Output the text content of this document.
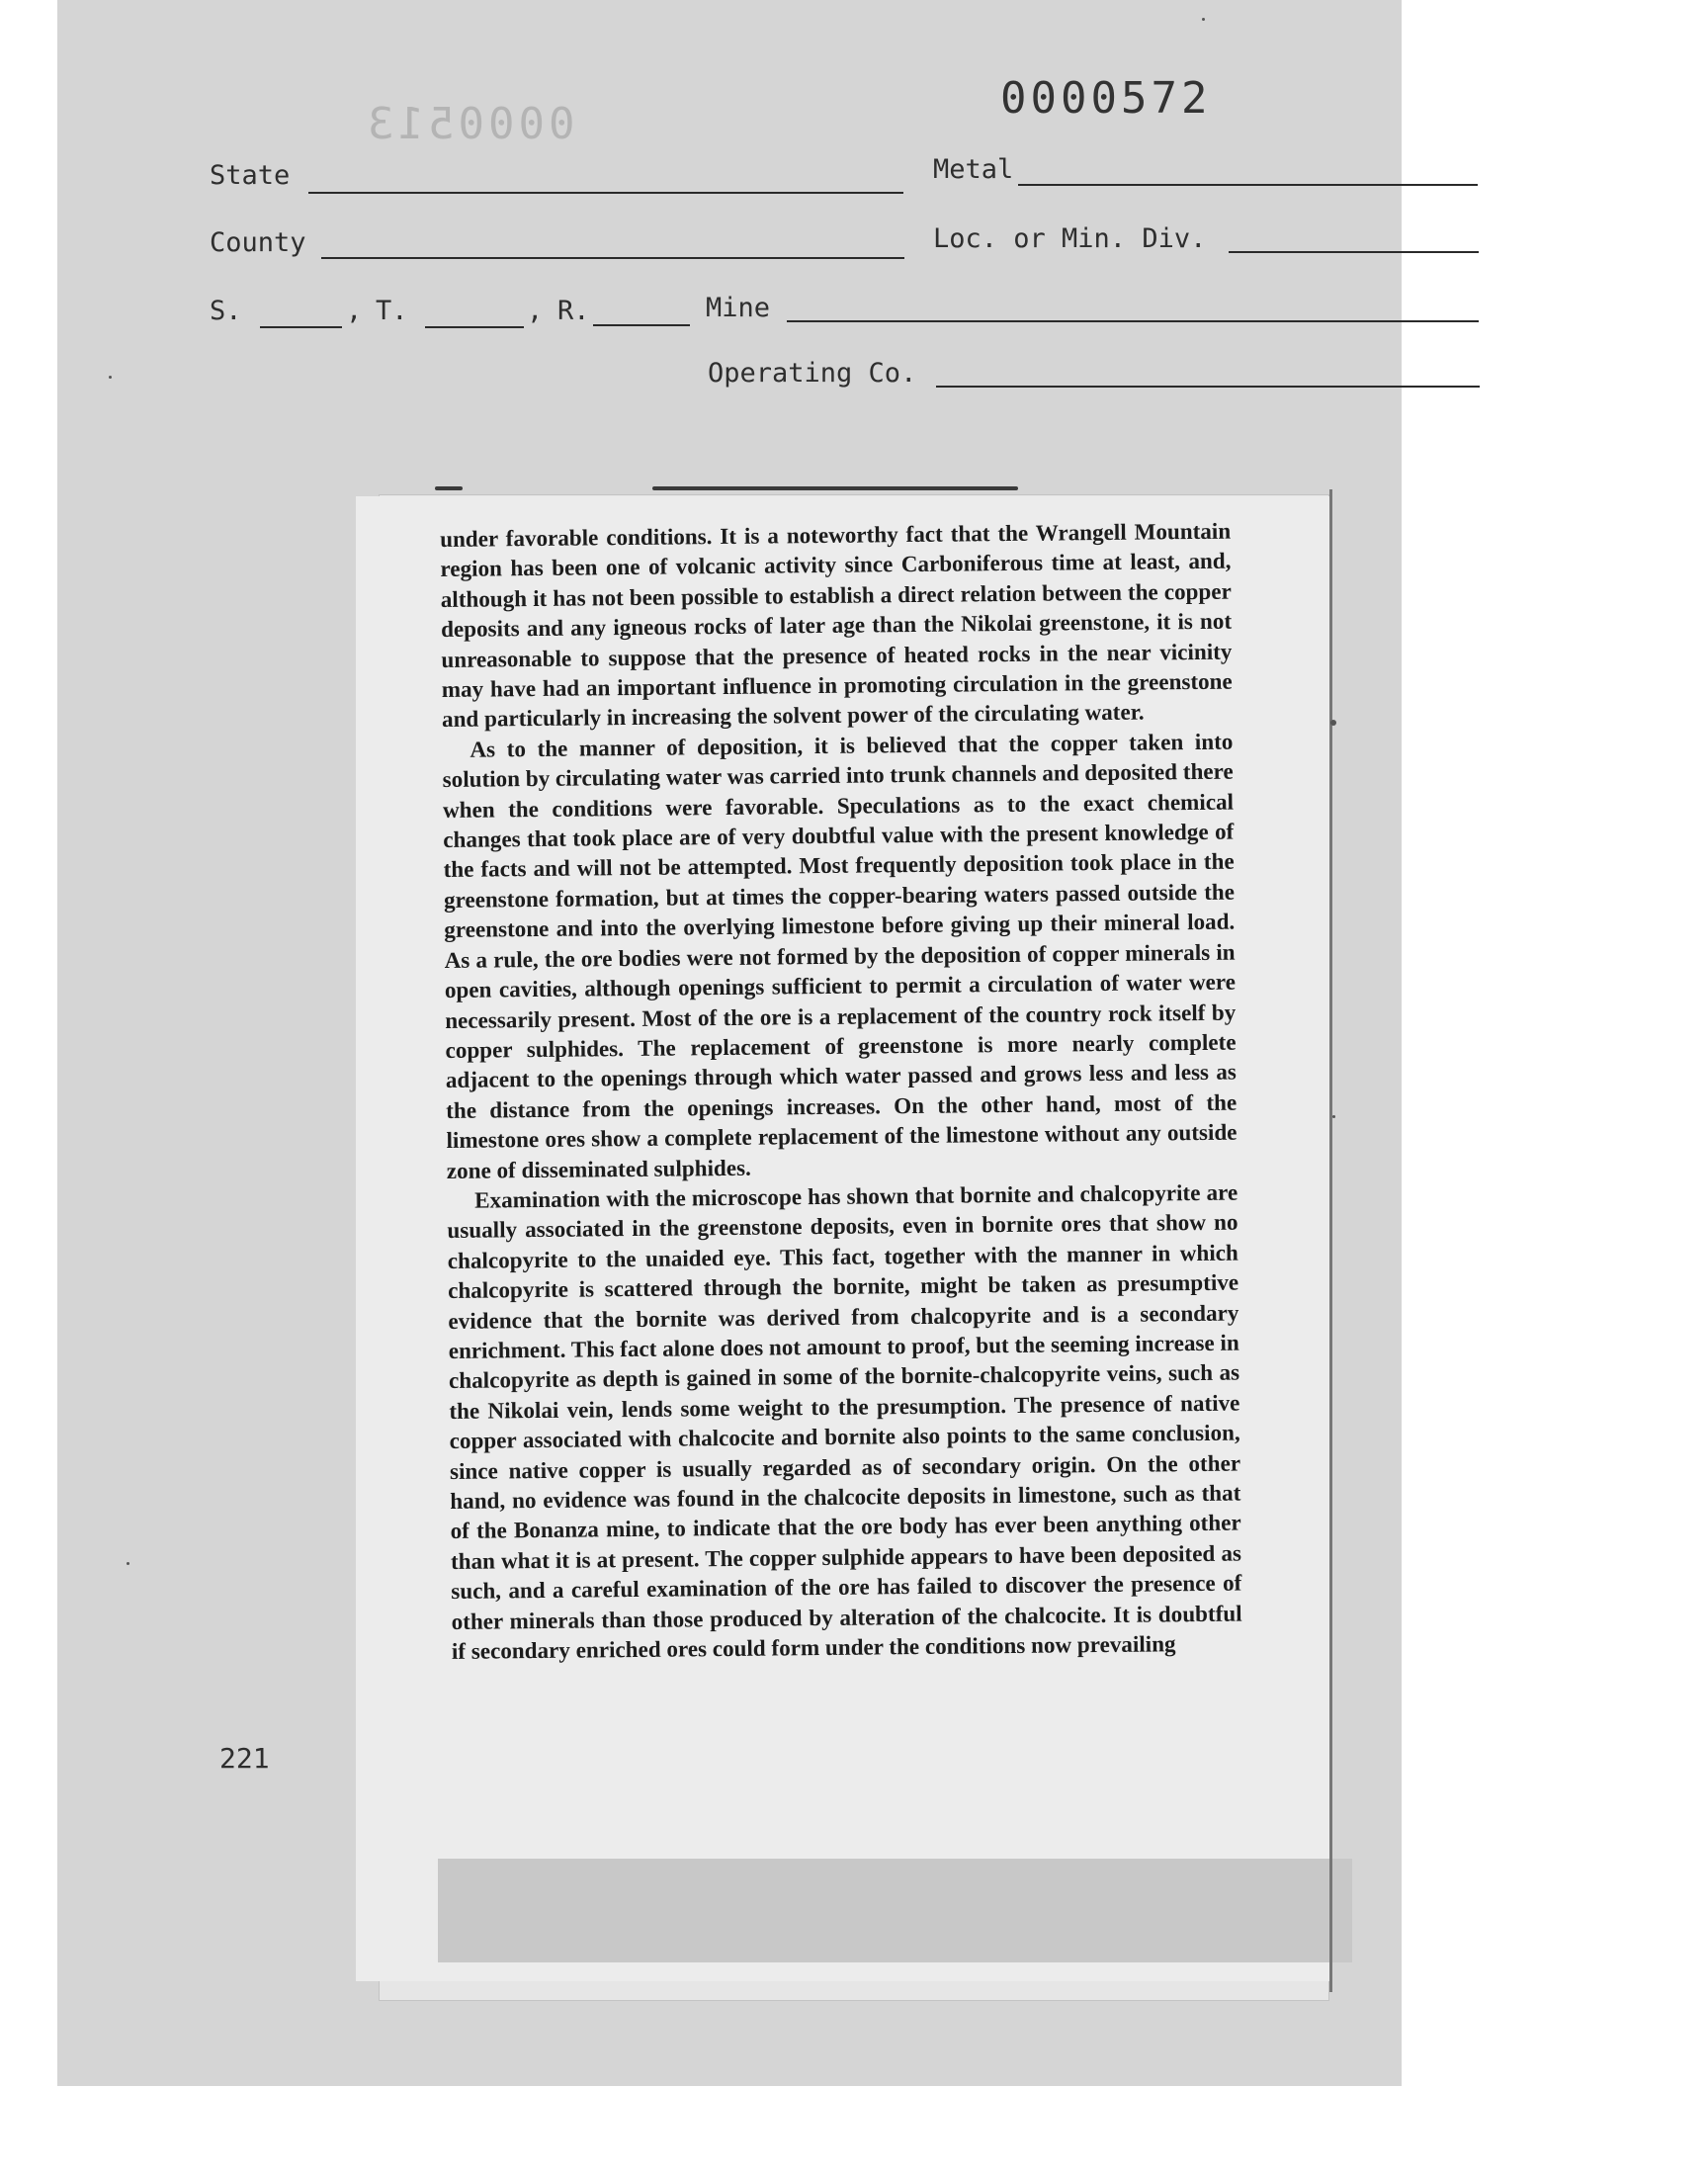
0000513
0000572
State	Metal
County	Loc. or Min. Div.
S.	, T.	, R.	Mine
Operating Co.
221

under favorable conditions. It is a noteworthy fact that the Wrangell Mountain region has been one of volcanic activity since Carboniferous time at least, and, although it has not been possible to establish a direct relation between the copper deposits and any igneous rocks of later age than the Nikolai greenstone, it is not unreasonable to suppose that the presence of heated rocks in the near vicinity may have had an important influence in promoting circulation in the greenstone and particularly in increasing the solvent power of the circulating water.

As to the manner of deposition, it is believed that the copper taken into solution by circulating water was carried into trunk channels and deposited there when the conditions were favorable. Speculations as to the exact chemical changes that took place are of very doubtful value with the present knowledge of the facts and will not be attempted. Most frequently deposition took place in the greenstone formation, but at times the copper-bearing waters passed outside the greenstone and into the overlying limestone before giving up their mineral load. As a rule, the ore bodies were not formed by the deposition of copper minerals in open cavities, although openings sufficient to permit a circulation of water were necessarily present. Most of the ore is a replacement of the country rock itself by copper sulphides. The replacement of greenstone is more nearly complete adjacent to the openings through which water passed and grows less and less as the distance from the openings increases. On the other hand, most of the limestone ores show a complete replacement of the limestone without any outside zone of disseminated sulphides.

Examination with the microscope has shown that bornite and chalcopyrite are usually associated in the greenstone deposits, even in bornite ores that show no chalcopyrite to the unaided eye. This fact, together with the manner in which chalcopyrite is scattered through the bornite, might be taken as presumptive evidence that the bornite was derived from chalcopyrite and is a secondary enrichment. This fact alone does not amount to proof, but the seeming increase in chalcopyrite as depth is gained in some of the bornite-chalcopyrite veins, such as the Nikolai vein, lends some weight to the presumption. The presence of native copper associated with chalcocite and bornite also points to the same conclusion, since native copper is usually regarded as of secondary origin. On the other hand, no evidence was found in the chalcocite deposits in limestone, such as that of the Bonanza mine, to indicate that the ore body has ever been anything other than what it is at present. The copper sulphide appears to have been deposited as such, and a careful examination of the ore has failed to discover the presence of other minerals than those produced by alteration of the chalcocite. It is doubtful if secondary enriched ores could form under the conditions now prevailing
